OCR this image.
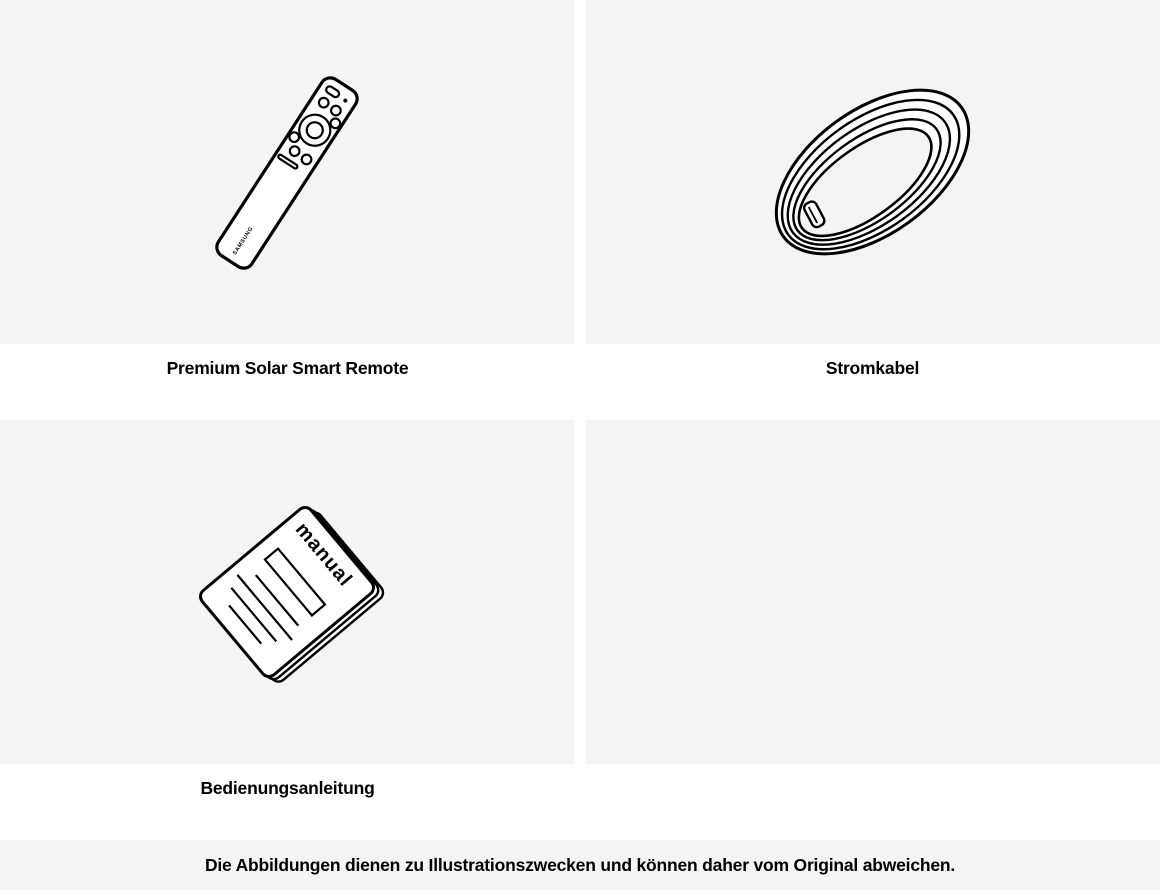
SAMSUNG
Premium Solar Smart Remote	Stromkabel
manual
Bedienungsanleitung

Die Abbildungen dienen zu Illustrationszwecken und können daher vom Original abweichen.
